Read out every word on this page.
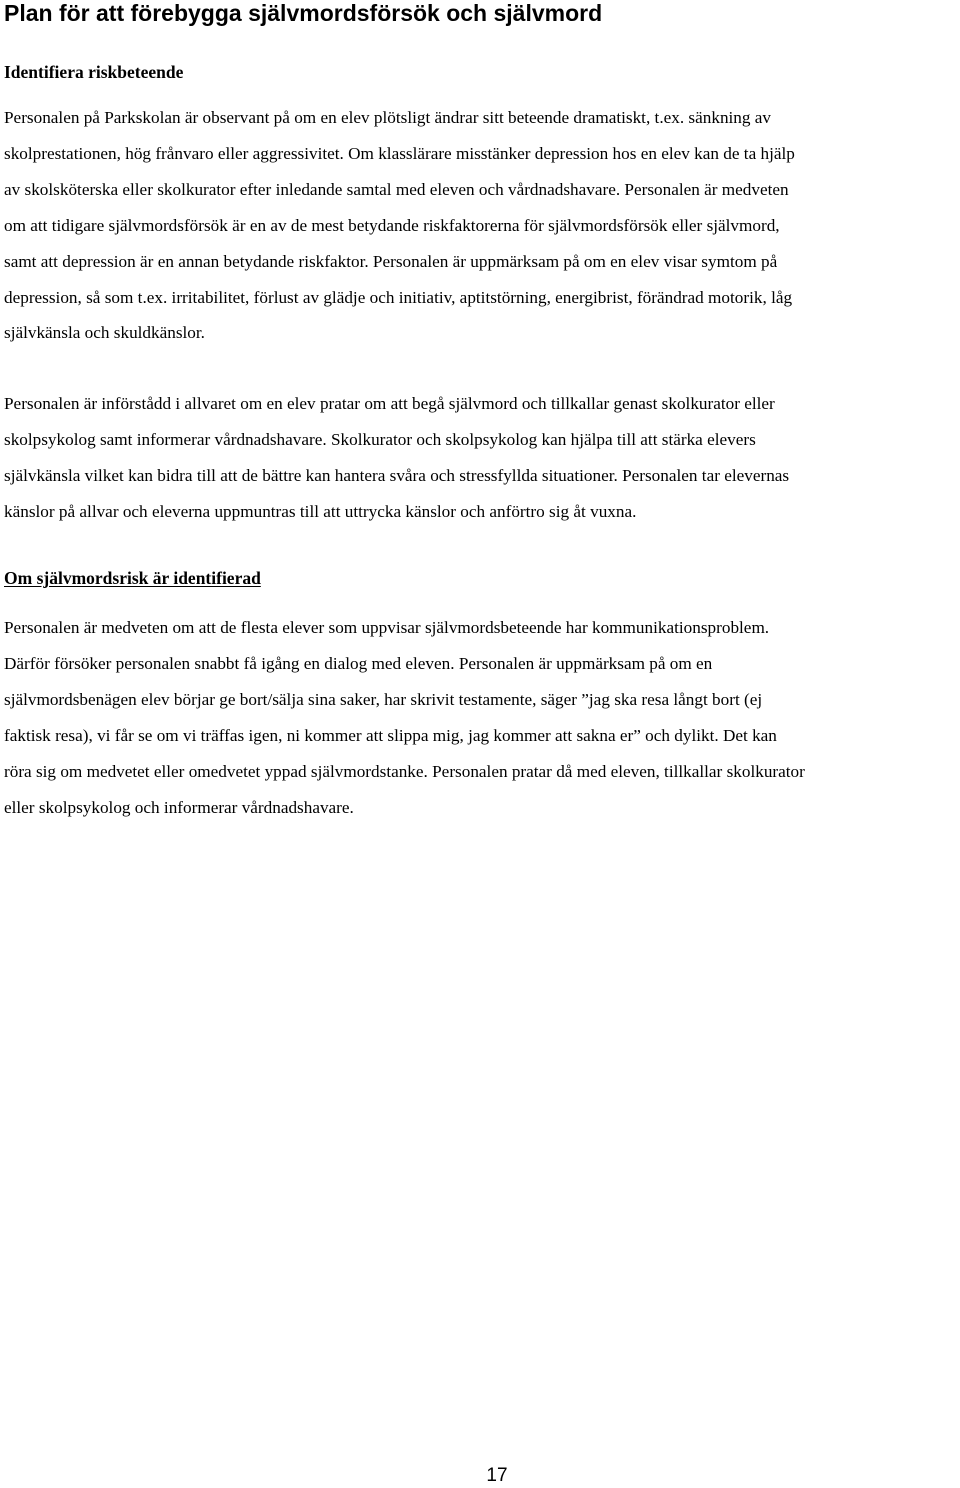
Plan för att förebygga självmordsförsök och självmord
Identifiera riskbeteende

Personalen på Parkskolan är observant på om en elev plötsligt ändrar sitt beteende dramatiskt, t.ex. sänkning av
skolprestationen, hög frånvaro eller aggressivitet. Om klasslärare misstänker depression hos en elev kan de ta hjälp
av skolsköterska eller skolkurator efter inledande samtal med eleven och vårdnadshavare. Personalen är medveten
om att tidigare självmordsförsök är en av de mest betydande riskfaktorerna för självmordsförsök eller självmord,
samt att depression är en annan betydande riskfaktor. Personalen är uppmärksam på om en elev visar symtom på
depression, så som t.ex. irritabilitet, förlust av glädje och initiativ, aptitstörning, energibrist, förändrad motorik, låg
självkänsla och skuldkänslor.

Personalen är införstådd i allvaret om en elev pratar om att begå självmord och tillkallar genast skolkurator eller
skolpsykolog samt informerar vårdnadshavare. Skolkurator och skolpsykolog kan hjälpa till att stärka elevers
självkänsla vilket kan bidra till att de bättre kan hantera svåra och stressfyllda situationer. Personalen tar elevernas
känslor på allvar och eleverna uppmuntras till att uttrycka känslor och anförtro sig åt vuxna.

Om självmordsrisk är identifierad

Personalen är medveten om att de flesta elever som uppvisar självmordsbeteende har kommunikationsproblem.
Därför försöker personalen snabbt få igång en dialog med eleven. Personalen är uppmärksam på om en
självmordsbenägen elev börjar ge bort/sälja sina saker, har skrivit testamente, säger ”jag ska resa långt bort (ej
faktisk resa), vi får se om vi träffas igen, ni kommer att slippa mig, jag kommer att sakna er” och dylikt. Det kan
röra sig om medvetet eller omedvetet yppad självmordstanke. Personalen pratar då med eleven, tillkallar skolkurator
eller skolpsykolog och informerar vårdnadshavare.

17
